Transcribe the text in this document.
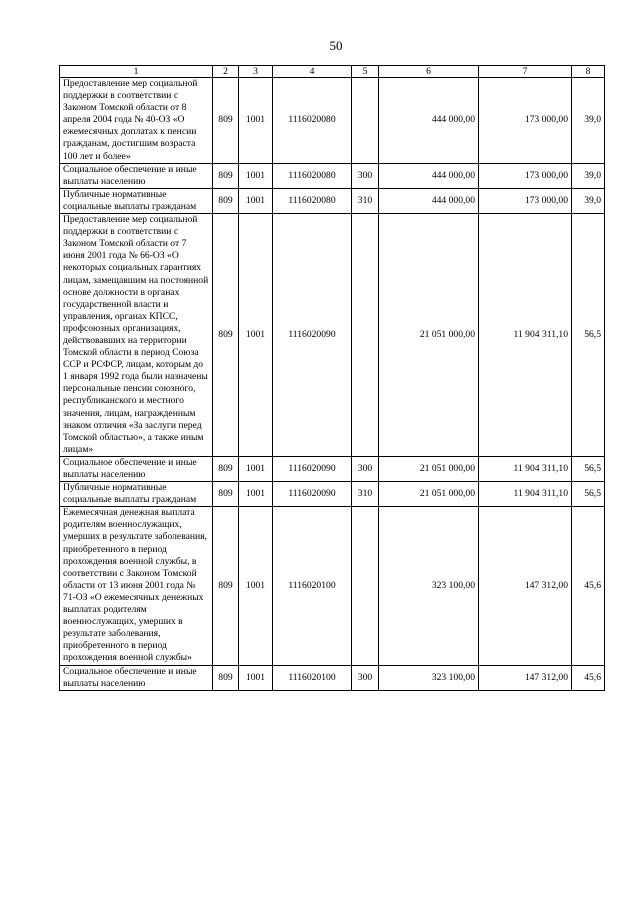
50
1	2	3	4	5	6	7	8
Предоставление мер социальной поддержки в соответствии с Законом Томской области от 8 апреля 2004 года № 40-ОЗ «О ежемесячных доплатах к пенсии гражданам, достигшим возраста 100 лет и более»	809	1001	1116020080		444 000,00	173 000,00	39,0
Социальное обеспечение и иные выплаты населению	809	1001	1116020080	300	444 000,00	173 000,00	39,0
Публичные нормативные социальные выплаты гражданам	809	1001	1116020080	310	444 000,00	173 000,00	39,0
Предоставление мер социальной поддержки в соответствии с Законом Томской области от 7 июня 2001 года № 66-ОЗ «О некоторых социальных гарантиях лицам, замещавшим на постоянной основе должности в органах государственной власти и управления, органах КПСС, профсоюзных организациях, действовавших на территории Томской области в период Союза ССР и РСФСР, лицам, которым до 1 января 1992 года были назначены персональные пенсии союзного, республиканского и местного значения, лицам, награжденным знаком отличия «За заслуги перед Томской областью», а также иным лицам»	809	1001	1116020090		21 051 000,00	11 904 311,10	56,5
Социальное обеспечение и иные выплаты населению	809	1001	1116020090	300	21 051 000,00	11 904 311,10	56,5
Публичные нормативные социальные выплаты гражданам	809	1001	1116020090	310	21 051 000,00	11 904 311,10	56,5
Ежемесячная денежная выплата родителям военнослужащих, умерших в результате заболевания, приобретенного в период прохождения военной службы, в соответствии с Законом Томской области от 13 июня 2001 года № 71-ОЗ «О ежемесячных денежных выплатах родителям военнослужащих, умерших в результате заболевания, приобретенного в период прохождения военной службы»	809	1001	1116020100		323 100,00	147 312,00	45,6
Социальное обеспечение и иные выплаты населению	809	1001	1116020100	300	323 100,00	147 312,00	45,6
